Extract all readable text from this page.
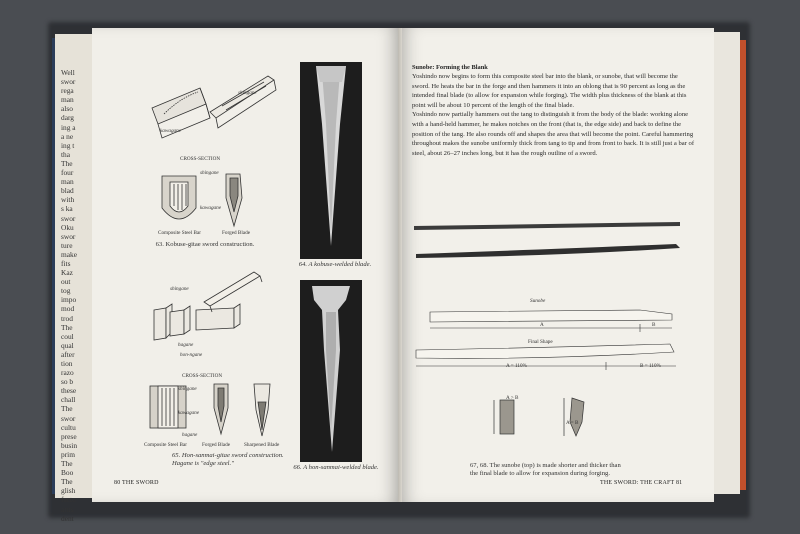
Well
swor
rega
man
also
darg
ing a
a ne
ing t
tha
The
four
man
blad
with
s ka
swor
Oku
swor
ture
make
fits
Kaz
out
tog
impo
mod
trod
The
coul
qual
after
tion
razo
so b
these
chall
The
swor
cultu
prese
busin
prim
The
Boo
The
glish
factu
artis
dent
shingane
kawagane
CROSS-SECTION
shingane
kawagane
Composite Steel Bar	Forged Blade
63. Kobuse-gitae sword construction.
64. A kobuse-welded blade.
shingane
hagane
hon-ngane
CROSS-SECTION
shingane
kawagane
hagane
Composite Steel Bar	Forged Blade	Sharpened Blade
65. Hon-sanmai-gitae sword construction.
Hagane is "edge steel."
66. A hon-sanmai-welded blade.
80 THE SWORD
Sunobe: Forming the Blank

Yoshindo now begins to form this composite steel bar into the blank, or sunobe, that will become the sword. He heats the bar in the forge and then hammers it into an oblong that is 90 percent as long as the intended final blade (to allow for expansion while forging). The width plus thickness of the blank at this point will be about 10 percent of the length of the final blade.

Yoshindo now partially hammers out the tang to distinguish it from the body of the blade: working alone with a hand-held hammer, he makes notches on the front (that is, the edge side) and back to define the position of the tang. He also rounds off and shapes the area that will become the point. Careful hammering throughout makes the sunobe uniformly thick from tang to tip and from front to back. It is still just a bar of steel, about 26–27 inches long, but it has the rough outline of a sword.

Sunobe
A	B
Final Shape
A = 110%	B = 110%
A > B
A = B
67, 68. The sunobe (top) is made shorter and thicker than
the final blade to allow for expansion during forging.
THE SWORD: THE CRAFT 81
